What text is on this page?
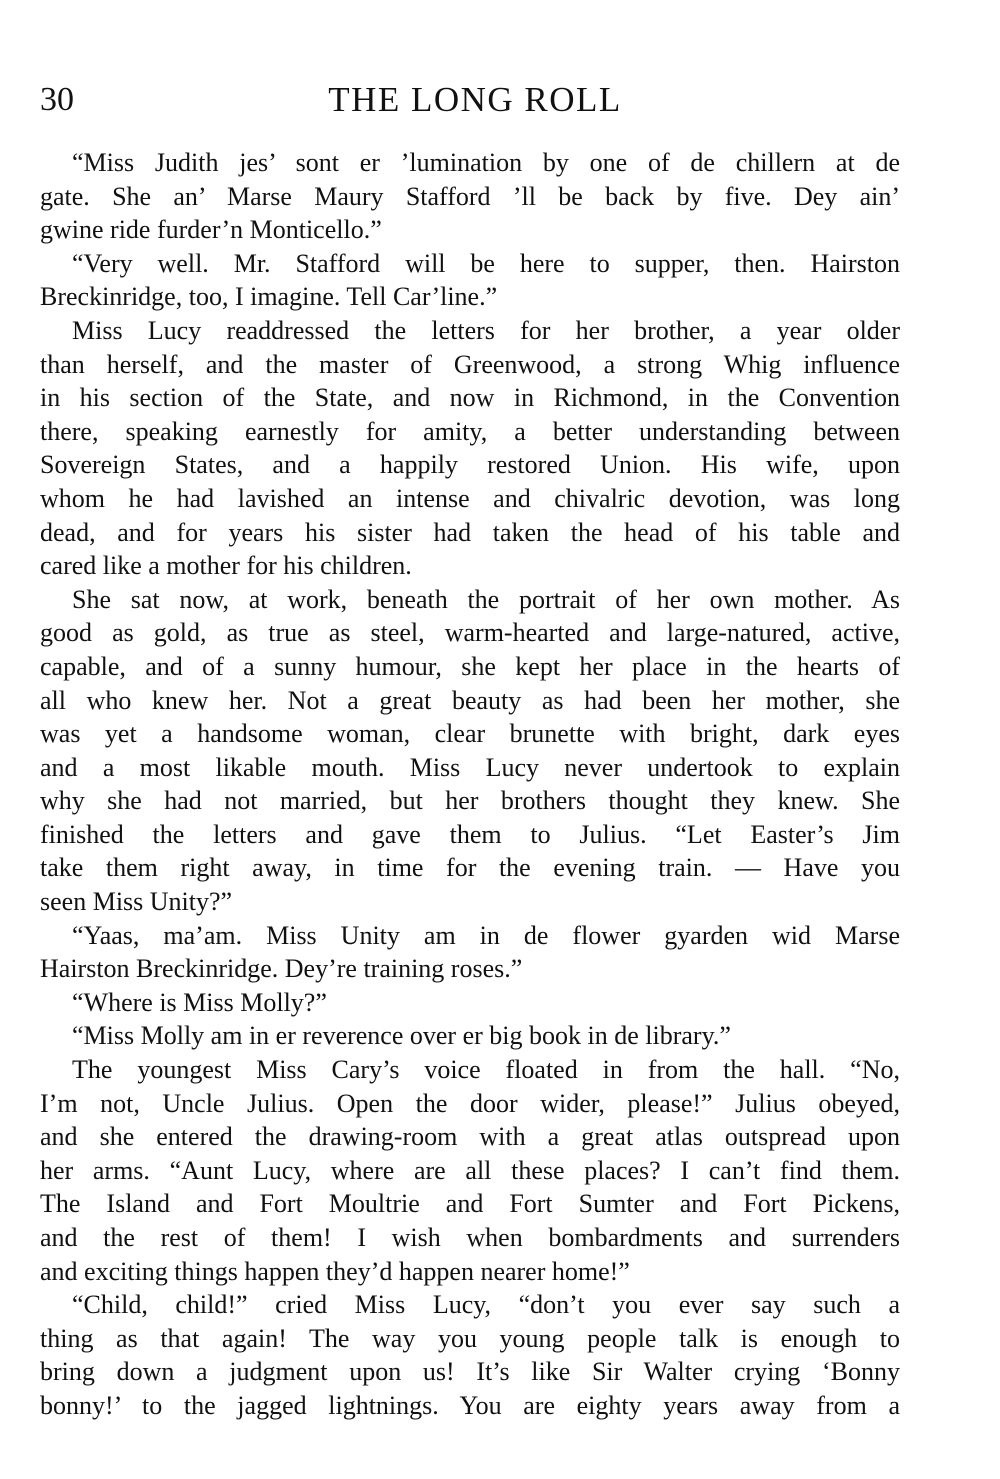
30	THE LONG ROLL
“Miss Judith jes’ sont er ’lumination by one of de chillern at de
gate. She an’ Marse Maury Stafford ’ll be back by five. Dey ain’
gwine ride furder’n Monticello.”
“Very well. Mr. Stafford will be here to supper, then. Hairston
Breckinridge, too, I imagine. Tell Car’line.”
Miss Lucy readdressed the letters for her brother, a year older
than herself, and the master of Greenwood, a strong Whig influence
in his section of the State, and now in Richmond, in the Convention
there, speaking earnestly for amity, a better understanding between
Sovereign States, and a happily restored Union. His wife, upon
whom he had lavished an intense and chivalric devotion, was long
dead, and for years his sister had taken the head of his table and
cared like a mother for his children.
She sat now, at work, beneath the portrait of her own mother. As
good as gold, as true as steel, warm-hearted and large-natured, active,
capable, and of a sunny humour, she kept her place in the hearts of
all who knew her. Not a great beauty as had been her mother, she
was yet a handsome woman, clear brunette with bright, dark eyes
and a most likable mouth. Miss Lucy never undertook to explain
why she had not married, but her brothers thought they knew. She
finished the letters and gave them to Julius. “Let Easter’s Jim
take them right away, in time for the evening train. — Have you
seen Miss Unity?”
“Yaas, ma’am. Miss Unity am in de flower gyarden wid Marse
Hairston Breckinridge. Dey’re training roses.”
“Where is Miss Molly?”
“Miss Molly am in er reverence over er big book in de library.”
The youngest Miss Cary’s voice floated in from the hall. “No,
I’m not, Uncle Julius. Open the door wider, please!” Julius obeyed,
and she entered the drawing-room with a great atlas outspread upon
her arms. “Aunt Lucy, where are all these places? I can’t find them.
The Island and Fort Moultrie and Fort Sumter and Fort Pickens,
and the rest of them! I wish when bombardments and surrenders
and exciting things happen they’d happen nearer home!”
“Child, child!” cried Miss Lucy, “don’t you ever say such a
thing as that again! The way you young people talk is enough to
bring down a judgment upon us! It’s like Sir Walter crying ‘Bonny
bonny!’ to the jagged lightnings. You are eighty years away from a
